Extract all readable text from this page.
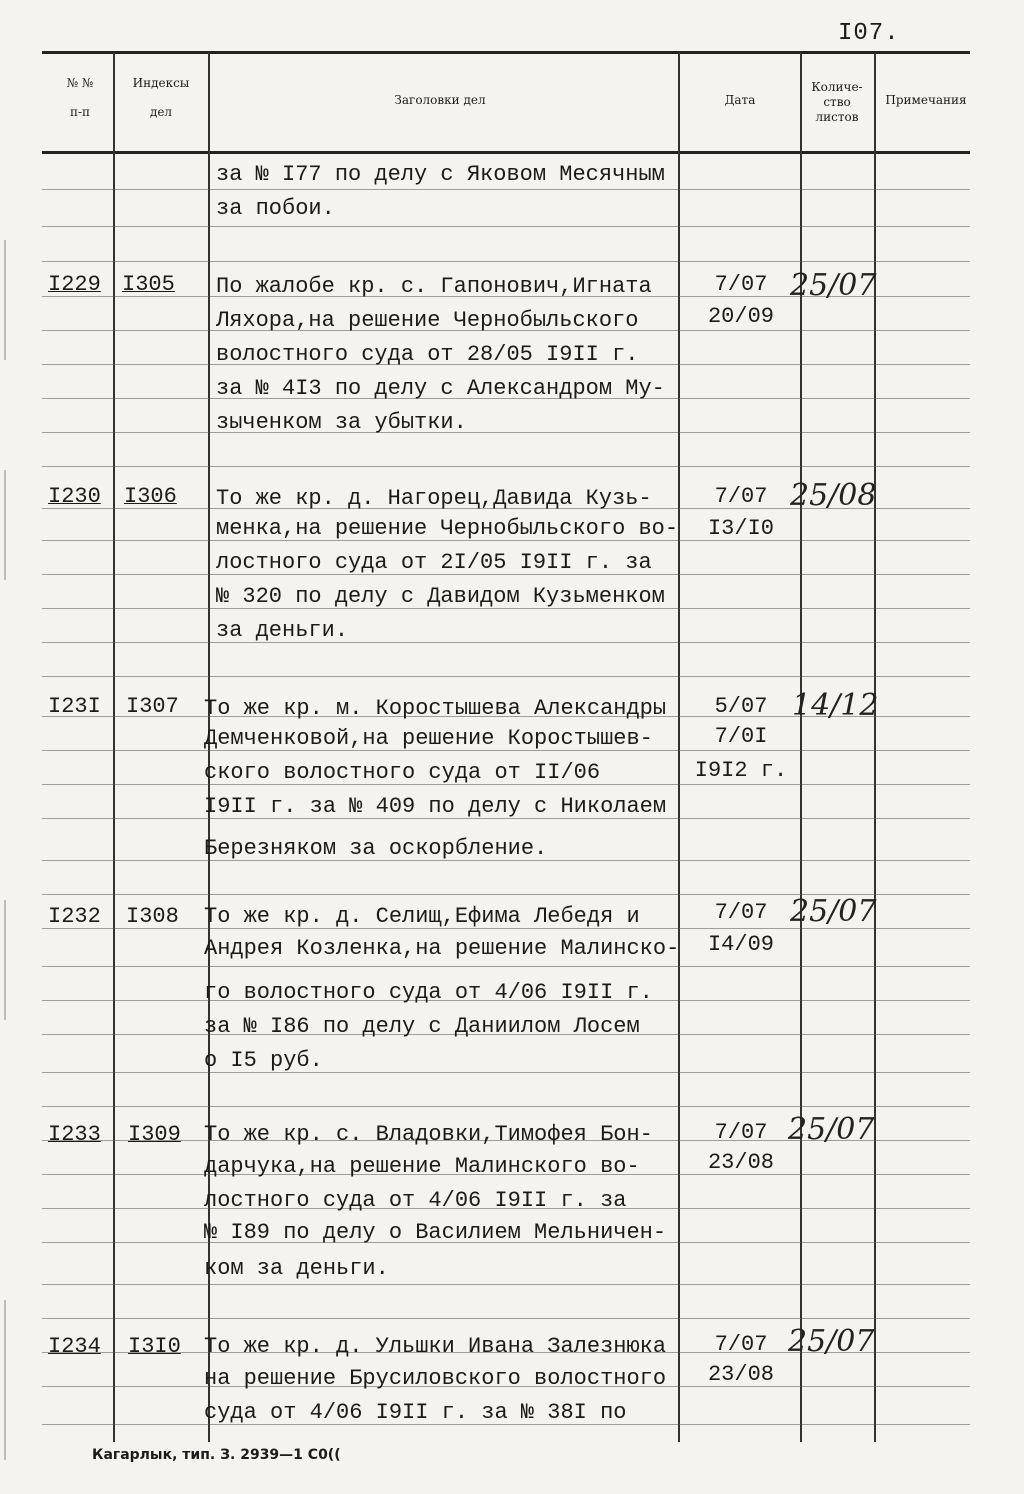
I07.
№ №
п-п
Индексы
дел
Заголовки дел	Дата
Количе-
ство
листов
Примечания
за № I77 по делу с Яковом Месячным
за побои.
I229 I305 По жалобе кр. с. Гапонович,Игната
Ляхора,на решение Чернобыльского
волостного суда от 28/05 I9II г.
за № 4I3 по делу с Александром Му-
зыченком за убытки.
7/07
20/09
25/07
I230 I306 То же кр. д. Нагорец,Давида Кузь-
менка,на решение Чернобыльского во-
лостного суда от 2I/05 I9II г. за
№ 320 по делу с Давидом Кузьменком
за деньги.
7/07
I3/I0
25/08
I23I I307 То же кр. м. Коростышева Александры
Демченковой,на решение Коростышев-
ского волостного суда от II/06
I9II г. за № 409 по делу с Николаем
Березняком за оскорбление.
5/07
7/0I
I9I2 г.
14/12
I232 I308 То же кр. д. Селищ,Ефима Лебедя и
Андрея Козленка,на решение Малинско-
го волостного суда от 4/06 I9II г.
за № I86 по делу с Даниилом Лосем
о I5 руб.
7/07
I4/09
25/07
I233 I309 То же кр. с. Владовки,Тимофея Бон-
дарчука,на решение Малинского во-
лостного суда от 4/06 I9II г. за
№ I89 по делу о Василием Мельничен-
ком за деньги.
7/07
23/08
25/07
I234 I3I0 То же кр. д. Ульшки Ивана Залезнюка
на решение Брусиловского волостного
суда от 4/06 I9II г. за № 38I по
7/07
23/08
25/07
Кагарлык, тип. З. 2939—1 С0((
